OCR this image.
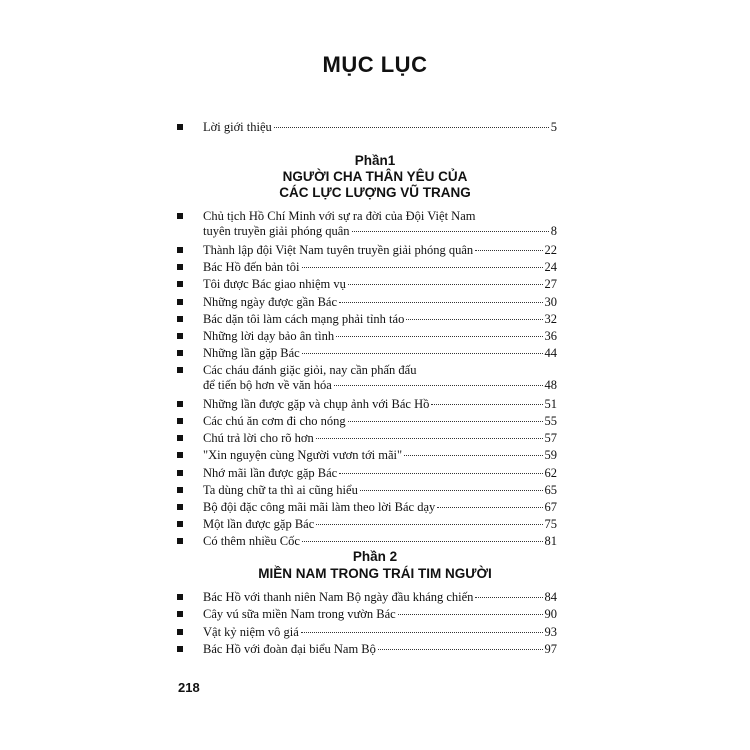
MỤC LỤC
Lời giới thiệu	5
Phần1
NGƯỜI CHA THÂN YÊU CỦA
CÁC LỰC LƯỢNG VŨ TRANG
Chủ tịch Hồ Chí Minh với sự ra đời của Đội Việt Nam
tuyên truyền giải phóng quân	8
Thành lập đội Việt Nam tuyên truyền giải phóng quân	22
Bác Hồ đến bản tôi	24
Tôi được Bác giao nhiệm vụ	27
Những ngày được gần Bác	30
Bác dặn tôi làm cách mạng phải tỉnh táo	32
Những lời dạy bảo ân tình	36
Những lần gặp Bác	44
Các cháu đánh giặc giỏi, nay cần phấn đấu
để tiến bộ hơn về văn hóa	48
Những lần được gặp và chụp ảnh với Bác Hồ	51
Các chú ăn cơm đi cho nóng	55
Chú trả lời cho rõ hơn	57
"Xin nguyện cùng Người vươn tới mãi"	59
Nhớ mãi lần được gặp Bác	62
Ta dùng chữ ta thì ai cũng hiểu	65
Bộ đội đặc công mãi mãi làm theo lời Bác dạy	67
Một lần được gặp Bác	75
Có thêm nhiều Cốc	81
Phần 2
MIỀN NAM TRONG TRÁI TIM NGƯỜI
Bác Hồ với thanh niên Nam Bộ ngày đầu kháng chiến	84
Cây vú sữa miền Nam trong vườn Bác	90
Vật kỷ niệm vô giá	93
Bác Hồ với đoàn đại biểu Nam Bộ	97
218
